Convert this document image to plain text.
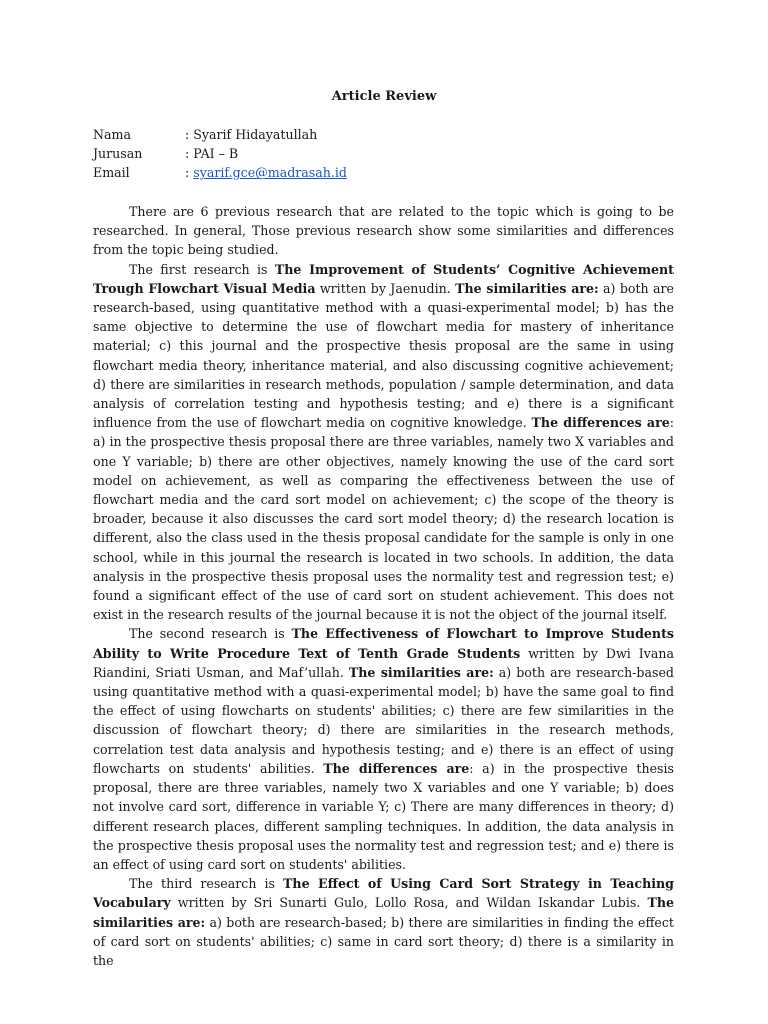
Article Review
Nama	: Syarif Hidayatullah
Jurusan	: PAI – B
Email	: syarif.gce@madrasah.id

There are 6 previous research that are related to the topic which is going to be researched. In general, Those previous research show some similarities and differences from the topic being studied.

The first research is The Improvement of Students’ Cognitive Achievement Trough Flowchart Visual Media written by Jaenudin. The similarities are: a) both are research-based, using quantitative method with a quasi-experimental model; b) has the same objective to determine the use of flowchart media for mastery of inheritance material; c) this journal and the prospective thesis proposal are the same in using flowchart media theory, inheritance material, and also discussing cognitive achievement; d) there are similarities in research methods, population / sample determination, and data analysis of correlation testing and hypothesis testing; and e) there is a significant influence from the use of flowchart media on cognitive knowledge. The differences are: a) in the prospective thesis proposal there are three variables, namely two X variables and one Y variable; b) there are other objectives, namely knowing the use of the card sort model on achievement, as well as comparing the effectiveness between the use of flowchart media and the card sort model on achievement; c) the scope of the theory is broader, because it also discusses the card sort model theory; d) the research location is different, also the class used in the thesis proposal candidate for the sample is only in one school, while in this journal the research is located in two schools. In addition, the data analysis in the prospective thesis proposal uses the normality test and regression test; e) found a significant effect of the use of card sort on student achievement. This does not exist in the research results of the journal because it is not the object of the journal itself.

The second research is The Effectiveness of Flowchart to Improve Students Ability to Write Procedure Text of Tenth Grade Students written by Dwi Ivana Riandini, Sriati Usman, and Maf’ullah. The similarities are: a) both are research-based using quantitative method with a quasi-experimental model; b) have the same goal to find the effect of using flowcharts on students' abilities; c) there are few similarities in the discussion of flowchart theory; d) there are similarities in the research methods, correlation test data analysis and hypothesis testing; and e) there is an effect of using flowcharts on students' abilities. The differences are: a) in the prospective thesis proposal, there are three variables, namely two X variables and one Y variable; b) does not involve card sort, difference in variable Y; c) There are many differences in theory; d) different research places, different sampling techniques. In addition, the data analysis in the prospective thesis proposal uses the normality test and regression test; and e) there is an effect of using card sort on students' abilities.

The third research is The Effect of Using Card Sort Strategy in Teaching Vocabulary written by Sri Sunarti Gulo, Lollo Rosa, and Wildan Iskandar Lubis. The similarities are: a) both are research-based; b) there are similarities in finding the effect of card sort on students' abilities; c) same in card sort theory; d) there is a similarity in the
